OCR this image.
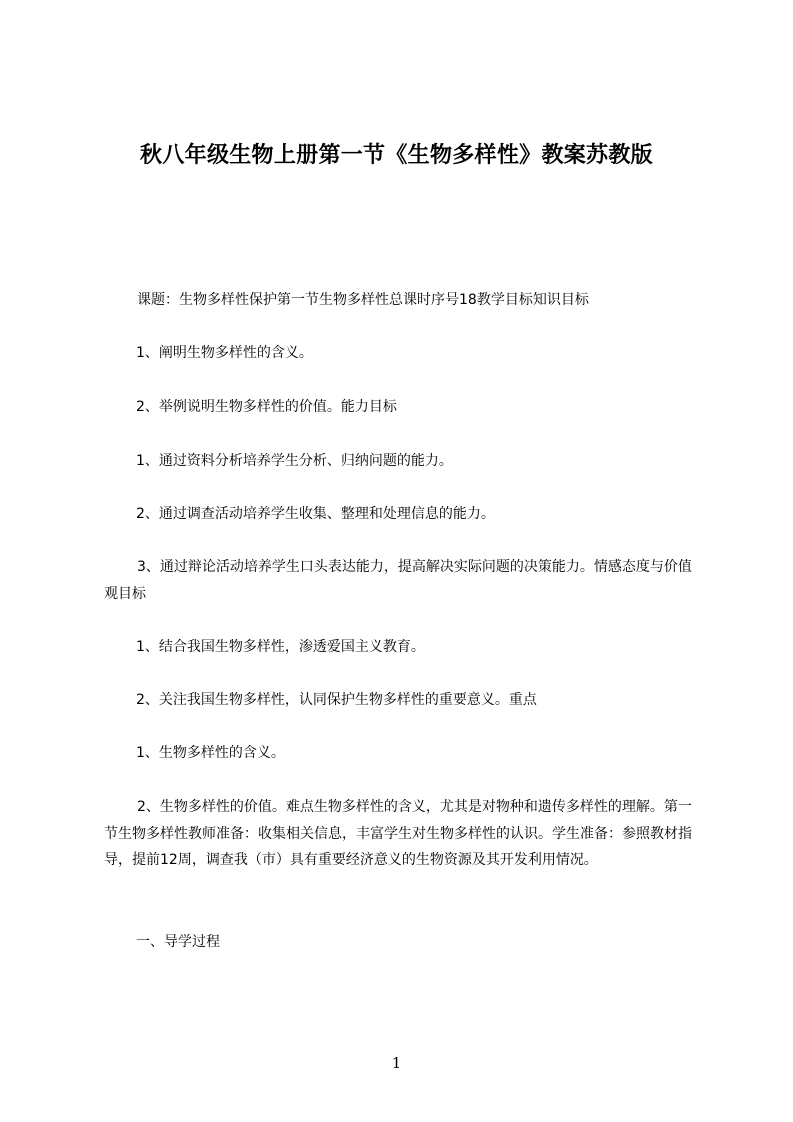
秋八年级生物上册第一节《生物多样性》教案苏教版
课题：生物多样性保护第一节生物多样性总课时序号18教学目标知识目标
1、阐明生物多样性的含义。
2、举例说明生物多样性的价值。能力目标
1、通过资料分析培养学生分析、归纳问题的能力。
2、通过调查活动培养学生收集、整理和处理信息的能力。
3、通过辩论活动培养学生口头表达能力，提高解决实际问题的决策能力。情感态度与价值观目标
1、结合我国生物多样性，渗透爱国主义教育。
2、关注我国生物多样性，认同保护生物多样性的重要意义。重点
1、生物多样性的含义。
2、生物多样性的价值。难点生物多样性的含义，尤其是对物种和遗传多样性的理解。第一节生物多样性教师准备：收集相关信息，丰富学生对生物多样性的认识。学生准备：参照教材指导，提前12周，调查我（市）具有重要经济意义的生物资源及其开发利用情况。
一、导学过程
1
